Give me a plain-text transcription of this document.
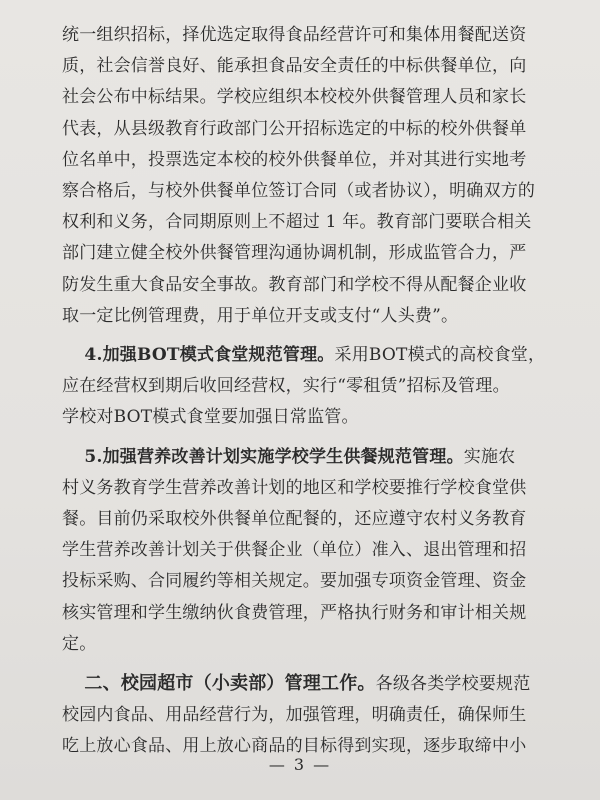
统一组织招标，择优选定取得食品经营许可和集体用餐配送资
质，社会信誉良好、能承担食品安全责任的中标供餐单位，向
社会公布中标结果。学校应组织本校校外供餐管理人员和家长
代表，从县级教育行政部门公开招标选定的中标的校外供餐单
位名单中，投票选定本校的校外供餐单位，并对其进行实地考
察合格后，与校外供餐单位签订合同（或者协议），明确双方的
权利和义务，合同期原则上不超过 1 年。教育部门要联合相关
部门建立健全校外供餐管理沟通协调机制，形成监管合力，严
防发生重大食品安全事故。教育部门和学校不得从配餐企业收
取一定比例管理费，用于单位开支或支付“人头费”。
4.加强BOT模式食堂规范管理。采用BOT模式的高校食堂，
应在经营权到期后收回经营权，实行“零租赁”招标及管理。
学校对BOT模式食堂要加强日常监管。
5.加强营养改善计划实施学校学生供餐规范管理。实施农
村义务教育学生营养改善计划的地区和学校要推行学校食堂供
餐。目前仍采取校外供餐单位配餐的，还应遵守农村义务教育
学生营养改善计划关于供餐企业（单位）准入、退出管理和招
投标采购、合同履约等相关规定。要加强专项资金管理、资金
核实管理和学生缴纳伙食费管理，严格执行财务和审计相关规
定。
二、校园超市（小卖部）管理工作。各级各类学校要规范
校园内食品、用品经营行为，加强管理，明确责任，确保师生
吃上放心食品、用上放心商品的目标得到实现，逐步取缔中小
— 3 —
